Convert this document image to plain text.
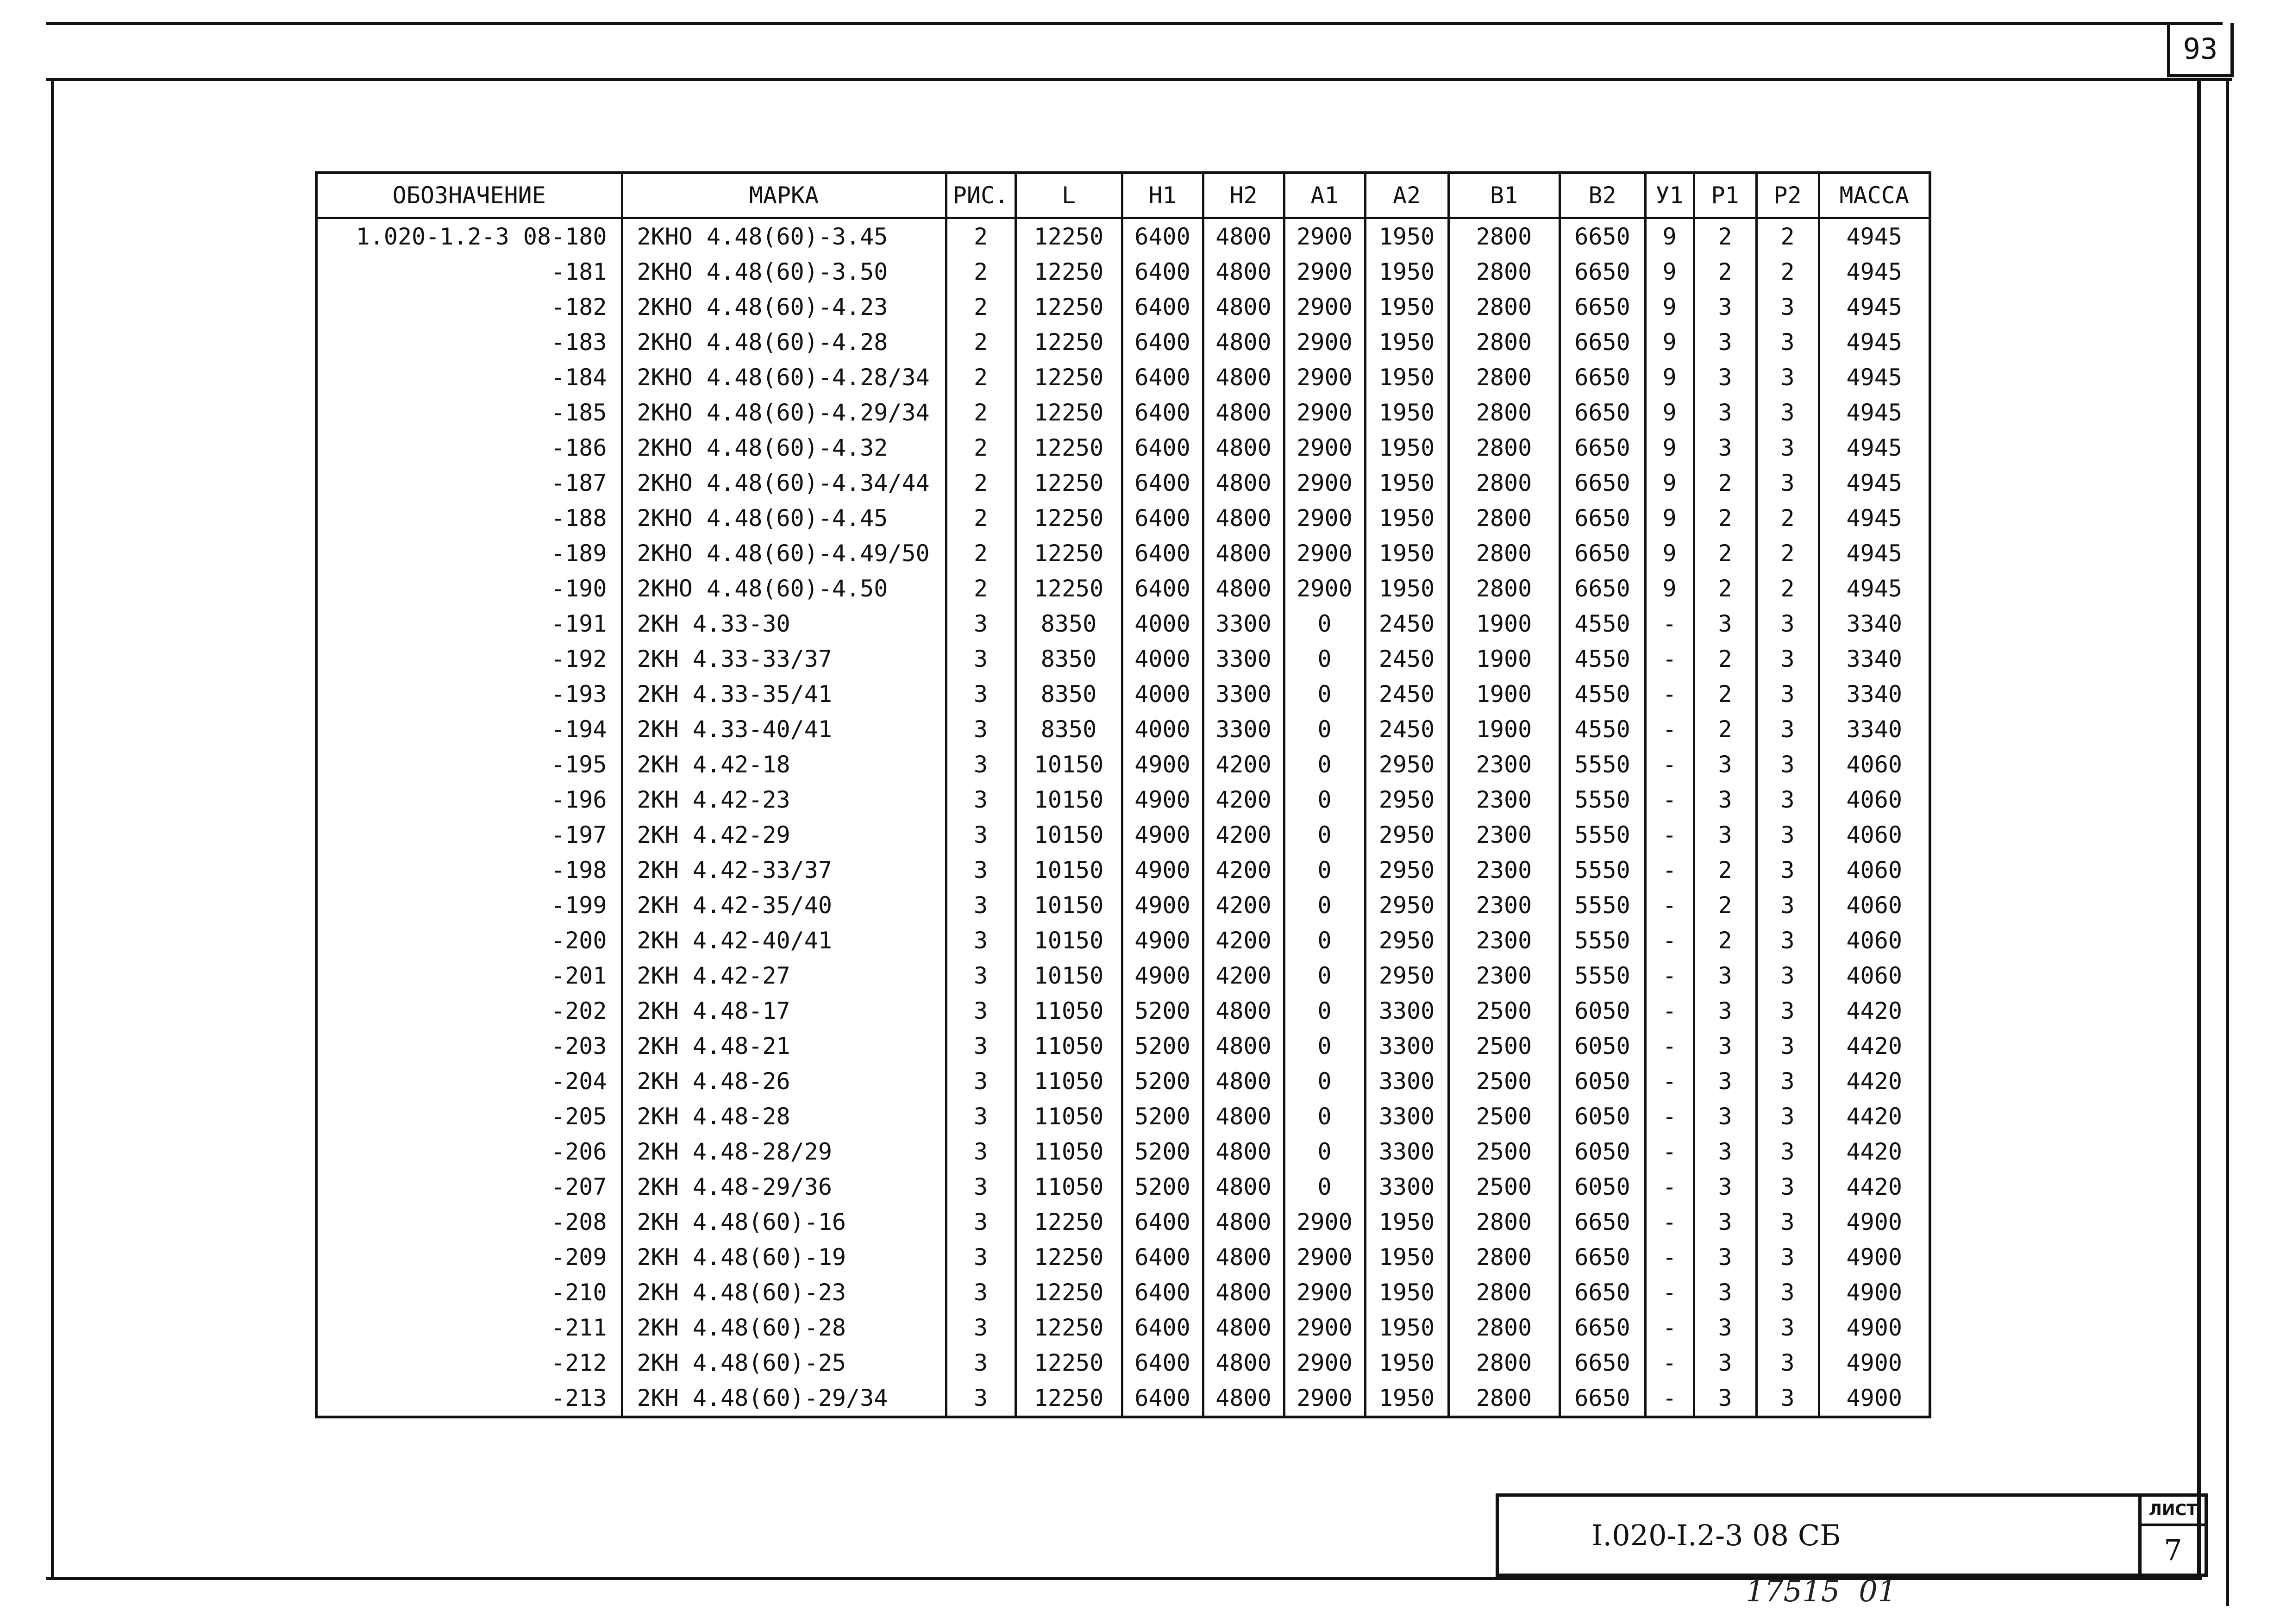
93
ОБОЗНАЧЕНИЕ	МАРКА	РИС.	L	H1	H2	A1	A2	B1	B2	У1	P1	P2	МАССА
1.020-1.2-3 08-180	2КНО 4.48(60)-3.45	2	12250	6400	4800	2900	1950	2800	6650	9	2	2	4945
-181	2КНО 4.48(60)-3.50	2	12250	6400	4800	2900	1950	2800	6650	9	2	2	4945
-182	2КНО 4.48(60)-4.23	2	12250	6400	4800	2900	1950	2800	6650	9	3	3	4945
-183	2КНО 4.48(60)-4.28	2	12250	6400	4800	2900	1950	2800	6650	9	3	3	4945
-184	2КНО 4.48(60)-4.28/34	2	12250	6400	4800	2900	1950	2800	6650	9	3	3	4945
-185	2КНО 4.48(60)-4.29/34	2	12250	6400	4800	2900	1950	2800	6650	9	3	3	4945
-186	2КНО 4.48(60)-4.32	2	12250	6400	4800	2900	1950	2800	6650	9	3	3	4945
-187	2КНО 4.48(60)-4.34/44	2	12250	6400	4800	2900	1950	2800	6650	9	2	3	4945
-188	2КНО 4.48(60)-4.45	2	12250	6400	4800	2900	1950	2800	6650	9	2	2	4945
-189	2КНО 4.48(60)-4.49/50	2	12250	6400	4800	2900	1950	2800	6650	9	2	2	4945
-190	2КНО 4.48(60)-4.50	2	12250	6400	4800	2900	1950	2800	6650	9	2	2	4945
-191	2КН 4.33-30	3	8350	4000	3300	0	2450	1900	4550	-	3	3	3340
-192	2КН 4.33-33/37	3	8350	4000	3300	0	2450	1900	4550	-	2	3	3340
-193	2КН 4.33-35/41	3	8350	4000	3300	0	2450	1900	4550	-	2	3	3340
-194	2КН 4.33-40/41	3	8350	4000	3300	0	2450	1900	4550	-	2	3	3340
-195	2КН 4.42-18	3	10150	4900	4200	0	2950	2300	5550	-	3	3	4060
-196	2КН 4.42-23	3	10150	4900	4200	0	2950	2300	5550	-	3	3	4060
-197	2КН 4.42-29	3	10150	4900	4200	0	2950	2300	5550	-	3	3	4060
-198	2КН 4.42-33/37	3	10150	4900	4200	0	2950	2300	5550	-	2	3	4060
-199	2КН 4.42-35/40	3	10150	4900	4200	0	2950	2300	5550	-	2	3	4060
-200	2КН 4.42-40/41	3	10150	4900	4200	0	2950	2300	5550	-	2	3	4060
-201	2КН 4.42-27	3	10150	4900	4200	0	2950	2300	5550	-	3	3	4060
-202	2КН 4.48-17	3	11050	5200	4800	0	3300	2500	6050	-	3	3	4420
-203	2КН 4.48-21	3	11050	5200	4800	0	3300	2500	6050	-	3	3	4420
-204	2КН 4.48-26	3	11050	5200	4800	0	3300	2500	6050	-	3	3	4420
-205	2КН 4.48-28	3	11050	5200	4800	0	3300	2500	6050	-	3	3	4420
-206	2КН 4.48-28/29	3	11050	5200	4800	0	3300	2500	6050	-	3	3	4420
-207	2КН 4.48-29/36	3	11050	5200	4800	0	3300	2500	6050	-	3	3	4420
-208	2КН 4.48(60)-16	3	12250	6400	4800	2900	1950	2800	6650	-	3	3	4900
-209	2КН 4.48(60)-19	3	12250	6400	4800	2900	1950	2800	6650	-	3	3	4900
-210	2КН 4.48(60)-23	3	12250	6400	4800	2900	1950	2800	6650	-	3	3	4900
-211	2КН 4.48(60)-28	3	12250	6400	4800	2900	1950	2800	6650	-	3	3	4900
-212	2КН 4.48(60)-25	3	12250	6400	4800	2900	1950	2800	6650	-	3	3	4900
-213	2КН 4.48(60)-29/34	3	12250	6400	4800	2900	1950	2800	6650	-	3	3	4900
I.020-I.2-3 08 СБ
ЛИСТ
7
17515  01
